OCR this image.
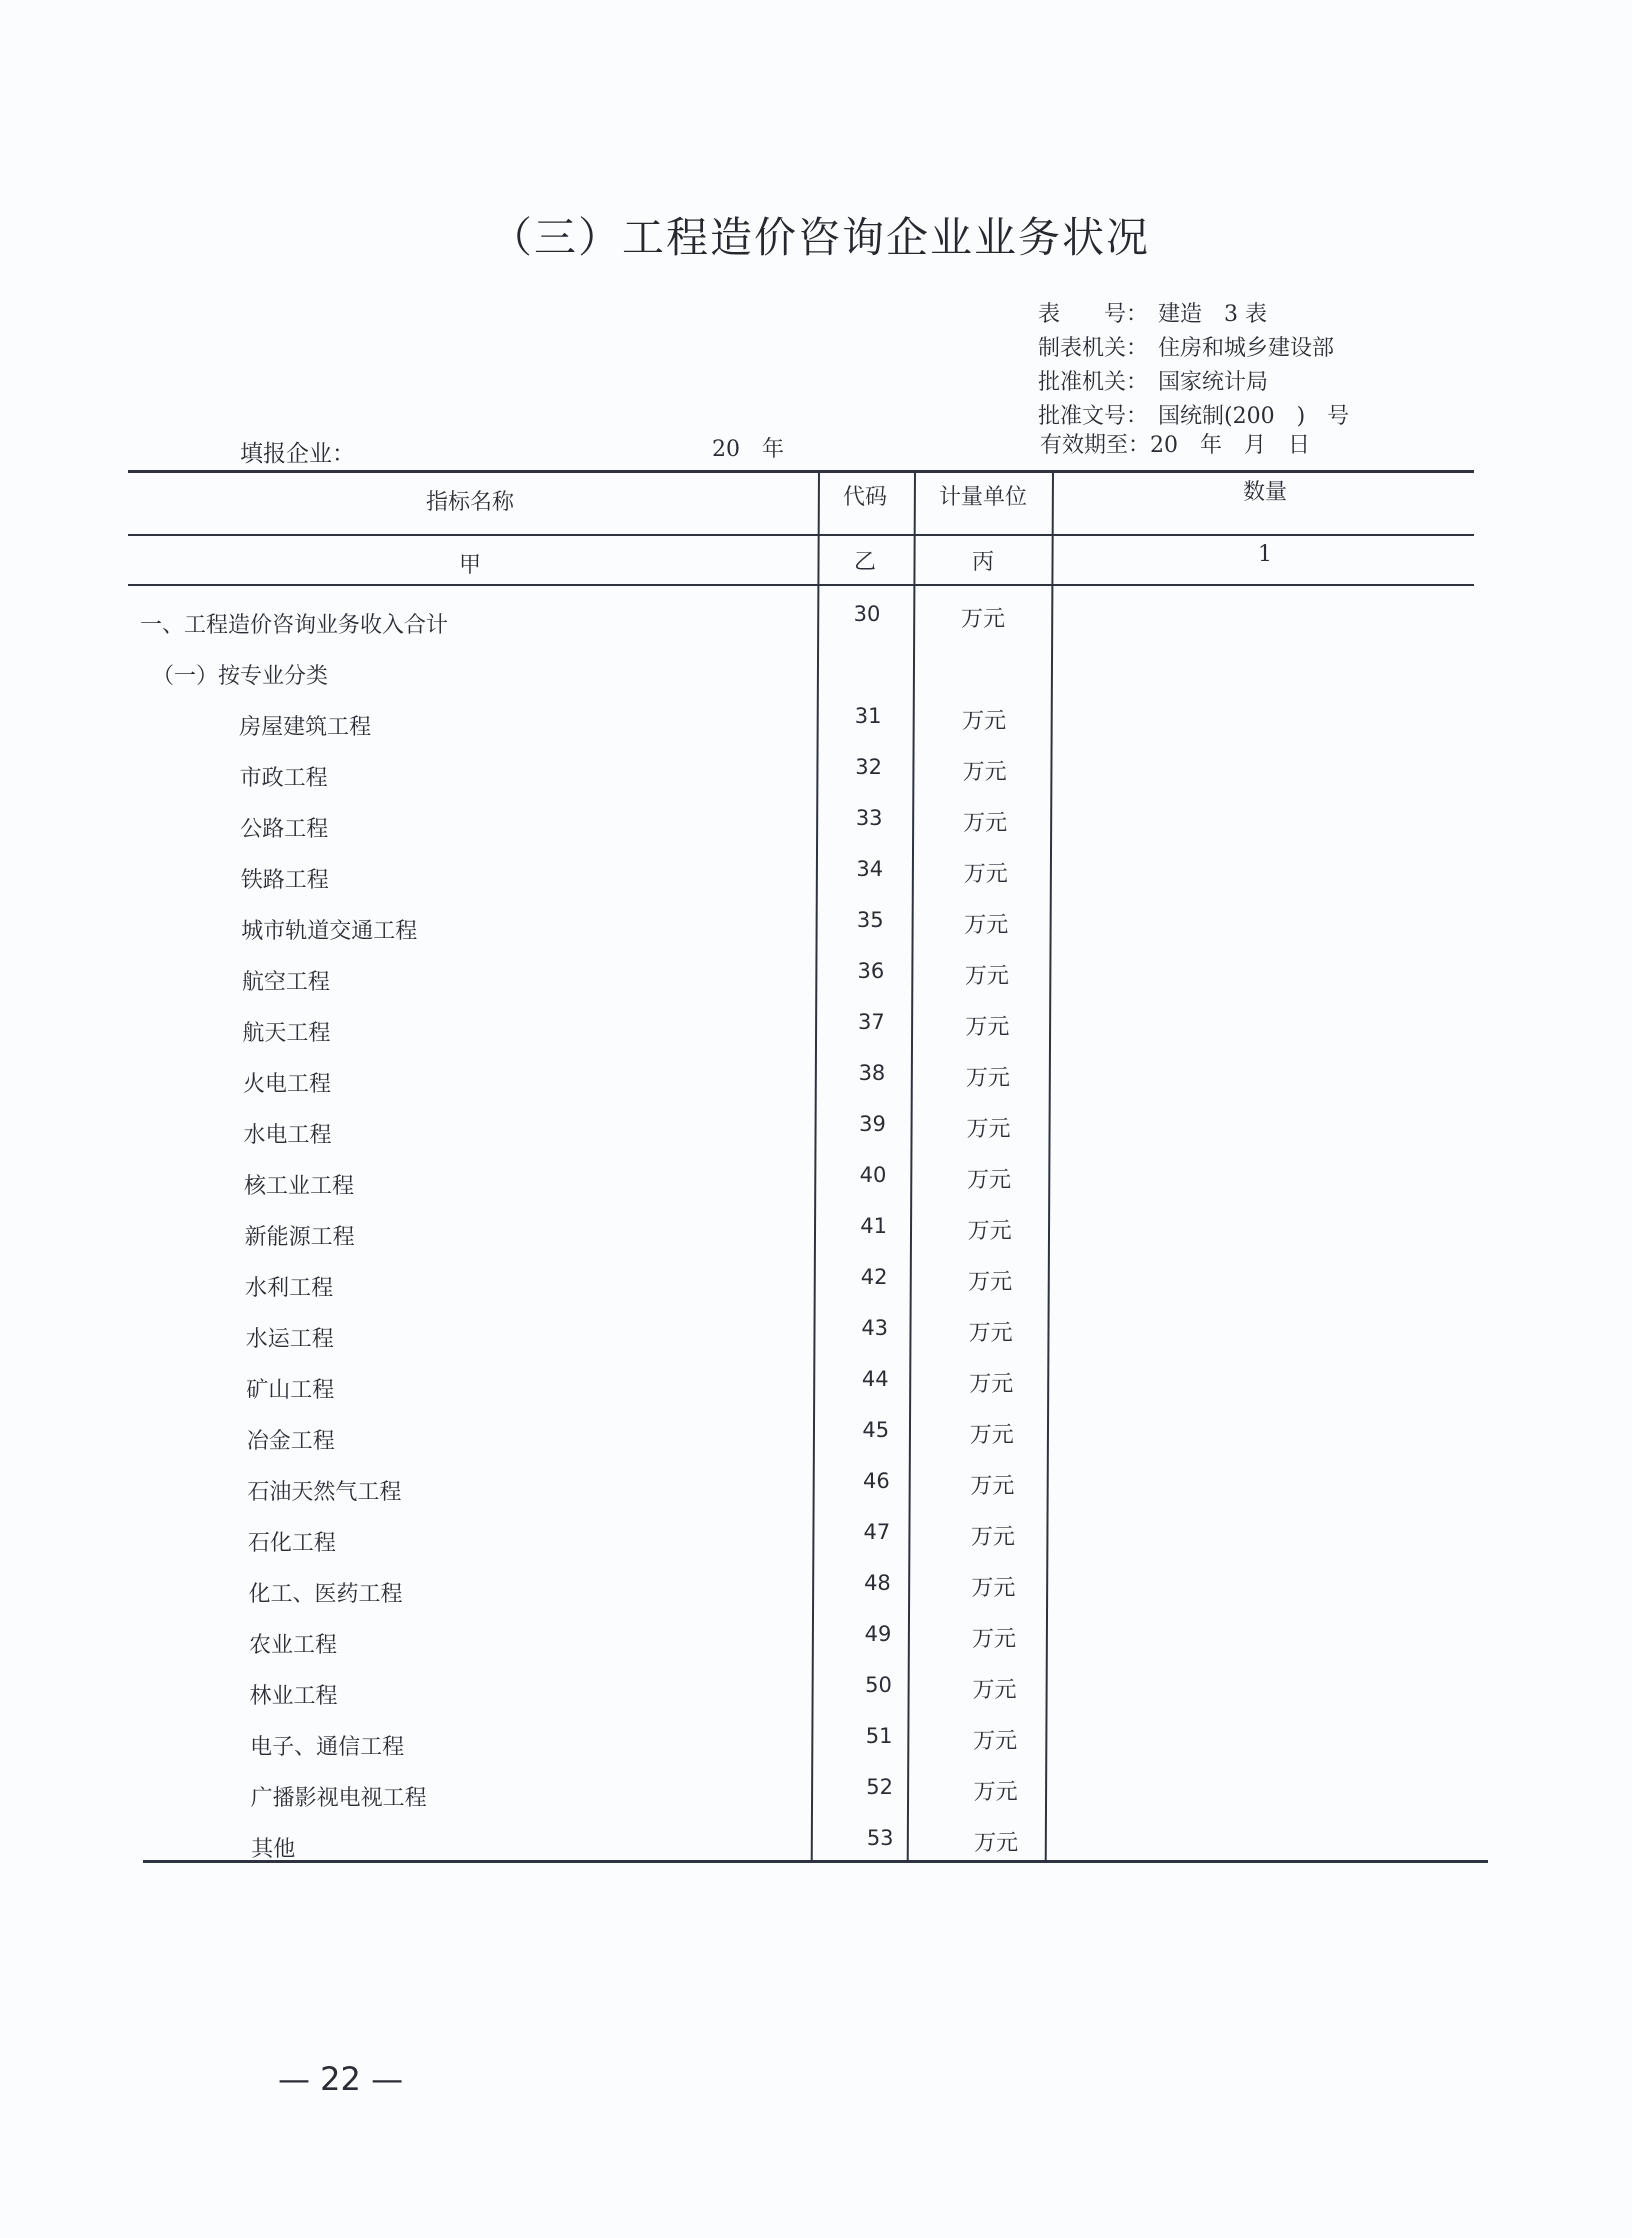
（三）工程造价咨询企业业务状况
表　　号： 建造　3 表
制表机关： 住房和城乡建设部
批准机关： 国家统计局
批准文号： 国统制(200　)　号
填报企业：	20　年	有效期至：20　年　月　日
指标名称	代码	计量单位	数量
甲	乙	丙	1
一、工程造价咨询业务收入合计	30	万元
（一）按专业分类
房屋建筑工程	31	万元
市政工程	32	万元
公路工程	33	万元
铁路工程	34	万元
城市轨道交通工程	35	万元
航空工程	36	万元
航天工程	37	万元
火电工程	38	万元
水电工程	39	万元
核工业工程	40	万元
新能源工程	41	万元
水利工程	42	万元
水运工程	43	万元
矿山工程	44	万元
冶金工程	45	万元
石油天然气工程	46	万元
石化工程	47	万元
化工、医药工程	48	万元
农业工程	49	万元
林业工程	50	万元
电子、通信工程	51	万元
广播影视电视工程	52	万元
其他	53	万元
— 22 —
